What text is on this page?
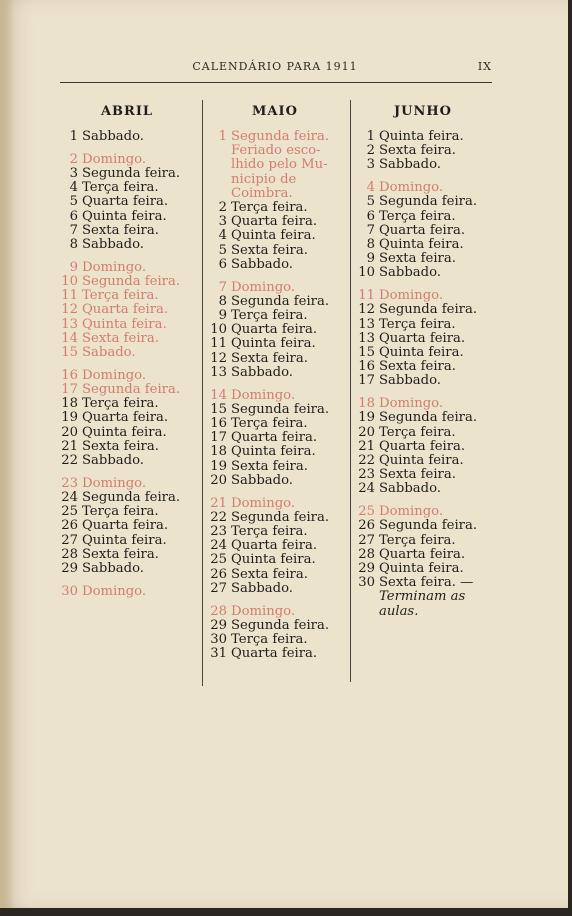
CALENDÁRIO PARA 1911	IX
ABRIL
1 Sabbado.
2 Domingo.
3 Segunda feira.
4 Terça feira.
5 Quarta feira.
6 Quinta feira.
7 Sexta feira.
8 Sabbado.
9 Domingo.
10 Segunda feira.
11 Terça feira.
12 Quarta feira.
13 Quinta feira.
14 Sexta feira.
15 Sabado.
16 Domingo.
17 Segunda feira.
18 Terça feira.
19 Quarta feira.
20 Quinta feira.
21 Sexta feira.
22 Sabbado.
23 Domingo.
24 Segunda feira.
25 Terça feira.
26 Quarta feira.
27 Quinta feira.
28 Sexta feira.
29 Sabbado.
30 Domingo.
MAIO
1 Segunda feira.
Feriado esco-
lhido pelo Mu-
nicipio de
Coimbra.
2 Terça feira.
3 Quarta feira.
4 Quinta feira.
5 Sexta feira.
6 Sabbado.
7 Domingo.
8 Segunda feira.
9 Terça feira.
10 Quarta feira.
11 Quinta feira.
12 Sexta feira.
13 Sabbado.
14 Domingo.
15 Segunda feira.
16 Terça feira.
17 Quarta feira.
18 Quinta feira.
19 Sexta feira.
20 Sabbado.
21 Domingo.
22 Segunda feira.
23 Terça feira.
24 Quarta feira.
25 Quinta feira.
26 Sexta feira.
27 Sabbado.
28 Domingo.
29 Segunda feira.
30 Terça feira.
31 Quarta feira.
JUNHO
1 Quinta feira.
2 Sexta feira.
3 Sabbado.
4 Domingo.
5 Segunda feira.
6 Terça feira.
7 Quarta feira.
8 Quinta feira.
9 Sexta feira.
10 Sabbado.
11 Domingo.
12 Segunda feira.
13 Terça feira.
13 Quarta feira.
15 Quinta feira.
16 Sexta feira.
17 Sabbado.
18 Domingo.
19 Segunda feira.
20 Terça feira.
21 Quarta feira.
22 Quinta feira.
23 Sexta feira.
24 Sabbado.
25 Domingo.
26 Segunda feira.
27 Terça feira.
28 Quarta feira.
29 Quinta feira.
30 Sexta feira. —
Terminam as
aulas.
